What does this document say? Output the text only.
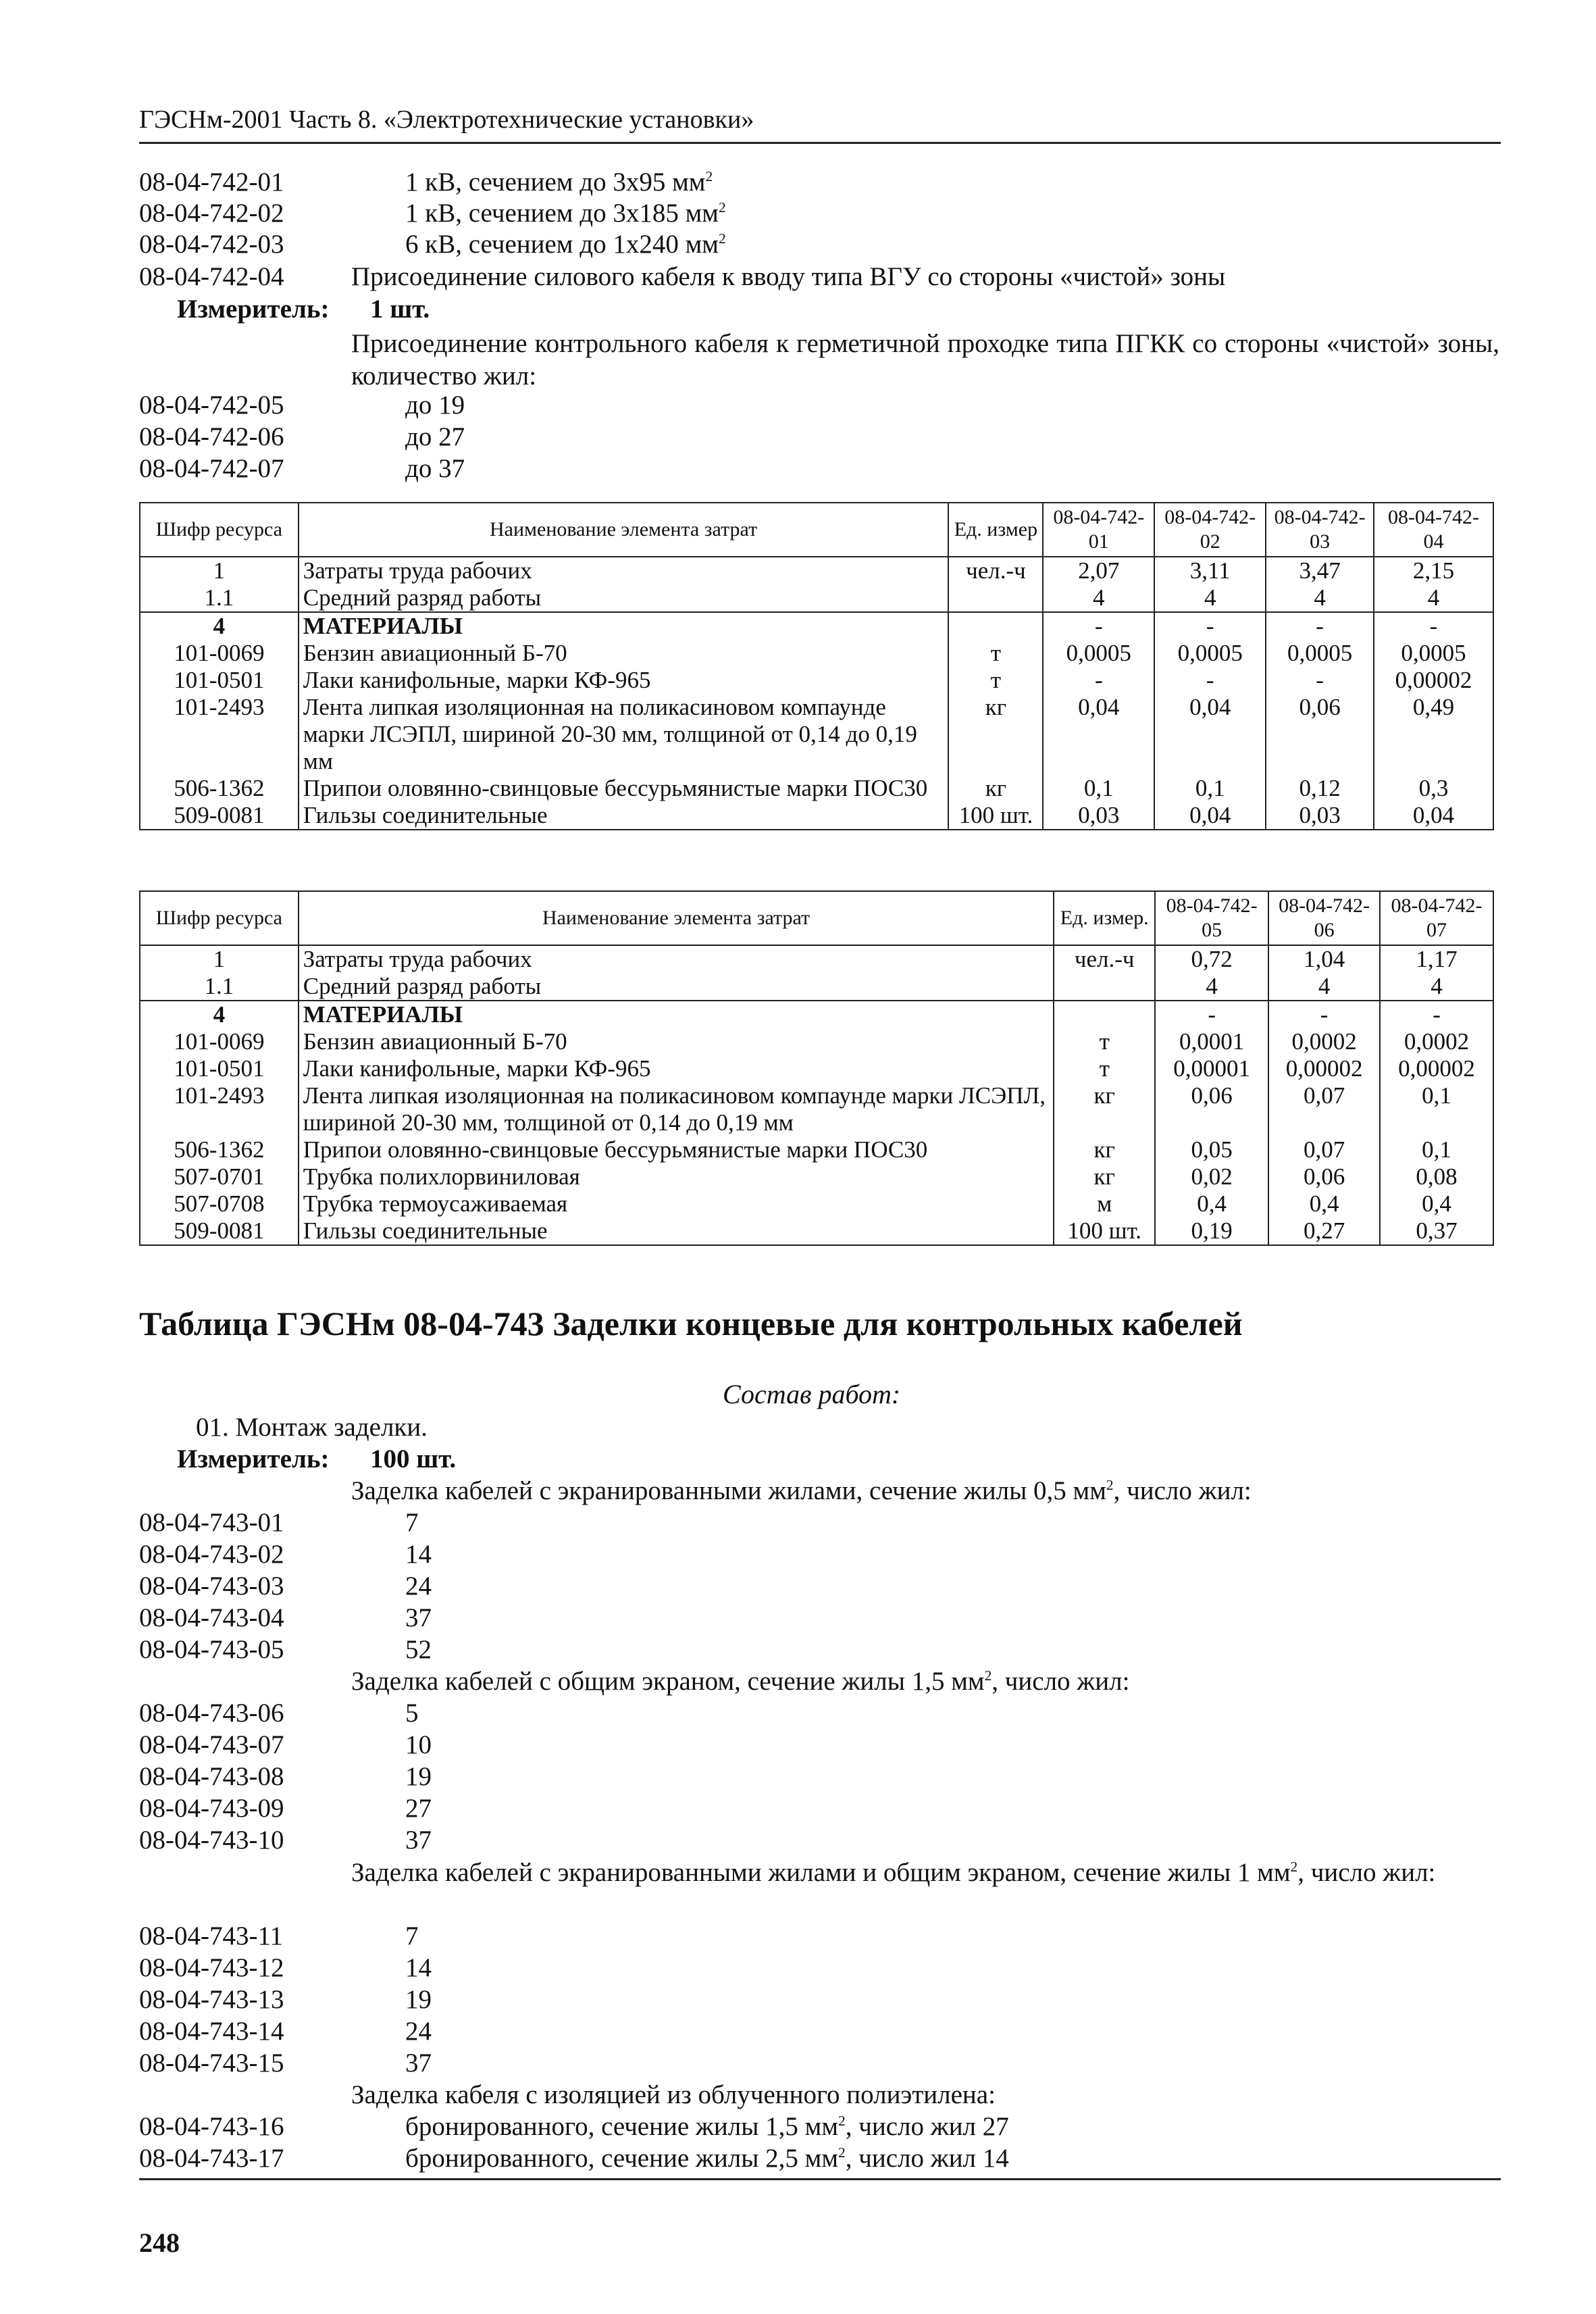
ГЭСНм-2001 Часть 8. «Электротехнические установки»
08-04-742-01	1 кВ, сечением до 3х95 $мм^2$
08-04-742-02	1 кВ, сечением до 3х185 $мм^2$
08-04-742-03	6 кВ, сечением до 1х240 $мм^2$
08-04-742-04	Присоединение силового кабеля к вводу типа ВГУ со стороны «чистой» зоны
Измеритель: 1 шт.
Присоединение контрольного кабеля к герметичной проходке типа ПГКК со стороны «чистой» зоны, количество жил:
08-04-742-05	до 19
08-04-742-06	до 27
08-04-742-07	до 37
Шифр ресурса	Наименование элемента затрат	Ед. измер	08-04-742-01	08-04-742-02	08-04-742-03	08-04-742-04
1	Затраты труда рабочих	чел.-ч	2,07	3,11	3,47	2,15
1.1	Средний разряд работы		4	4	4	4
4	МАТЕРИАЛЫ		-	-	-	-
101-0069	Бензин авиационный Б-70	т	0,0005	0,0005	0,0005	0,0005
101-0501	Лаки канифольные, марки КФ-965	т	-	-	-	0,00002
101-2493	Лента липкая изоляционная на поликасиновом компаунде марки ЛСЭПЛ, шириной 20-30 мм, толщиной от 0,14 до 0,19 мм	кг	0,04	0,04	0,06	0,49
506-1362	Припои оловянно-свинцовые бессурьмянистые марки ПОС30	кг	0,1	0,1	0,12	0,3
509-0081	Гильзы соединительные	100 шт.	0,03	0,04	0,03	0,04
Шифр ресурса	Наименование элемента затрат	Ед. измер.	08-04-742-05	08-04-742-06	08-04-742-07
1	Затраты труда рабочих	чел.-ч	0,72	1,04	1,17
1.1	Средний разряд работы		4	4	4
4	МАТЕРИАЛЫ		-	-	-
101-0069	Бензин авиационный Б-70	т	0,0001	0,0002	0,0002
101-0501	Лаки канифольные, марки КФ-965	т	0,00001	0,00002	0,00002
101-2493	Лента липкая изоляционная на поликасиновом компаунде марки ЛСЭПЛ, шириной 20-30 мм, толщиной от 0,14 до 0,19 мм	кг	0,06	0,07	0,1
506-1362	Припои оловянно-свинцовые бессурьмянистые марки ПОС30	кг	0,05	0,07	0,1
507-0701	Трубка полихлорвиниловая	кг	0,02	0,06	0,08
507-0708	Трубка термоусаживаемая	м	0,4	0,4	0,4
509-0081	Гильзы соединительные	100 шт.	0,19	0,27	0,37
Таблица ГЭСНм 08-04-743 Заделки концевые для контрольных кабелей
Состав работ:
01. Монтаж заделки.
Измеритель: 100 шт.
Заделка кабелей с экранированными жилами, сечение жилы 0,5 $мм^2$, число жил:
08-04-743-01	7
08-04-743-02	14
08-04-743-03	24
08-04-743-04	37
08-04-743-05	52
Заделка кабелей с общим экраном, сечение жилы 1,5 $мм^2$, число жил:
08-04-743-06	5
08-04-743-07	10
08-04-743-08	19
08-04-743-09	27
08-04-743-10	37
Заделка кабелей с экранированными жилами и общим экраном, сечение жилы 1 $мм^2$, число жил:
08-04-743-11	7
08-04-743-12	14
08-04-743-13	19
08-04-743-14	24
08-04-743-15	37
Заделка кабеля с изоляцией из облученного полиэтилена:
08-04-743-16	бронированного, сечение жилы 1,5 $мм^2$, число жил 27
08-04-743-17	бронированного, сечение жилы 2,5 $мм^2$, число жил 14
248
